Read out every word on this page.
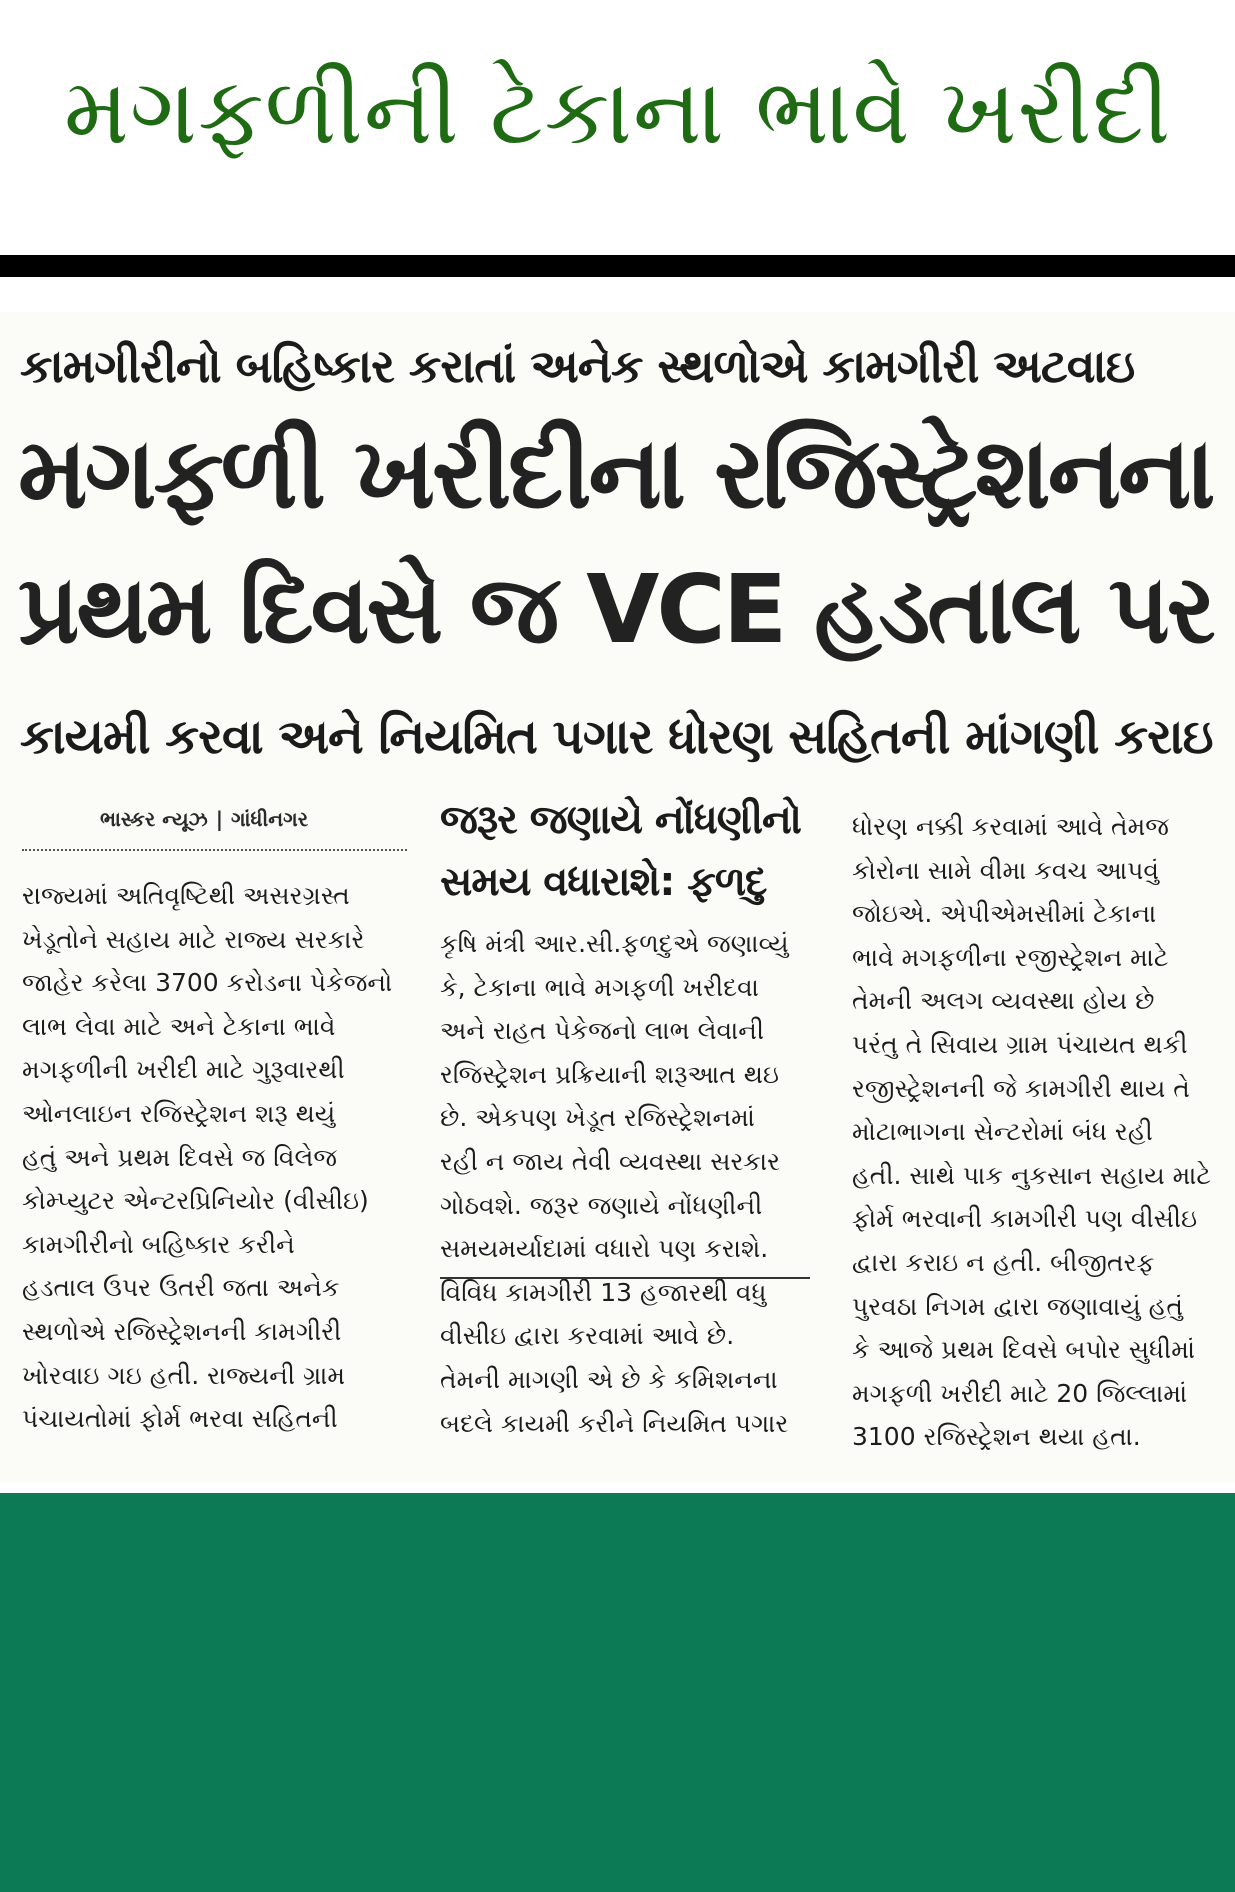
મગફળીની ટેકાના ભાવે ખરીદી
કામગીરીનો બહિષ્કાર કરાતાં અનેક સ્થળોએ કામગીરી અટવાઇ
મગફળી ખરીદીના રજિસ્ટ્રેશનના
પ્રથમ દિવસે જ VCE હડતાલ પર
કાયમી કરવા અને નિયમિત પગાર ધોરણ સહિતની માંગણી કરાઇ
ભાસ્કર ન્યૂઝ | ગાંધીનગર

રાજ્યમાં અતિવૃષ્ટિથી અસરગ્રસ્ત

ખેડૂતોને સહાય માટે રાજ્ય સરકારે

જાહેર કરેલા 3700 કરોડના પેકેજનો

લાભ લેવા માટે અને ટેકાના ભાવે

મગફળીની ખરીદી માટે ગુરૂવારથી

ઓનલાઇન રજિસ્ટ્રેશન શરૂ થયું

હતું અને પ્રથમ દિવસે જ વિલેજ

કોમ્પ્યુટર એન્ટરપ્રિનિયોર (વીસીઇ)

કામગીરીનો બહિષ્કાર કરીને

હડતાલ ઉપર ઉતરી જતા અનેક

સ્થળોએ રજિસ્ટ્રેશનની કામગીરી

ખોરવાઇ ગઇ હતી. રાજ્યની ગ્રામ

પંચાયતોમાં ફોર્મ ભરવા સહિતની

જરૂર જણાયે નોંધણીનો
સમય વધારાશે: ફળદુ

કૃષિ મંત્રી આર.સી.ફળદુએ જણાવ્યું

કે, ટેકાના ભાવે મગફળી ખરીદવા

અને રાહત પેકેજનો લાભ લેવાની

રજિસ્ટ્રેશન પ્રક્રિયાની શરૂઆત થઇ

છે. એકપણ ખેડૂત રજિસ્ટ્રેશનમાં

રહી ન જાય તેવી વ્યવસ્થા સરકાર

ગોઠવશે. જરૂર જણાયે નોંધણીની

સમયમર્યાદામાં વધારો પણ કરાશે.

વિવિધ કામગીરી 13 હજારથી વધુ

વીસીઇ દ્વારા કરવામાં આવે છે.

તેમની માગણી એ છે કે કમિશનના

બદલે કાયમી કરીને નિયમિત પગાર

ધોરણ નક્કી કરવામાં આવે તેમજ

કોરોના સામે વીમા કવચ આપવું

જોઇએ. એપીએમસીમાં ટેકાના

ભાવે મગફળીના રજીસ્ટ્રેશન માટે

તેમની અલગ વ્યવસ્થા હોય છે

પરંતુ તે સિવાય ગ્રામ પંચાયત થકી

રજીસ્ટ્રેશનની જે કામગીરી થાય તે

મોટાભાગના સેન્ટરોમાં બંધ રહી

હતી. સાથે પાક નુકસાન સહાય માટે

ફોર્મ ભરવાની કામગીરી પણ વીસીઇ

દ્વારા કરાઇ ન હતી. બીજીતરફ

પુરવઠા નિગમ દ્વારા જણાવાયું હતું

કે આજે પ્રથમ દિવસે બપોર સુધીમાં

મગફળી ખરીદી માટે 20 જિલ્લામાં

3100 રજિસ્ટ્રેશન થયા હતા.
